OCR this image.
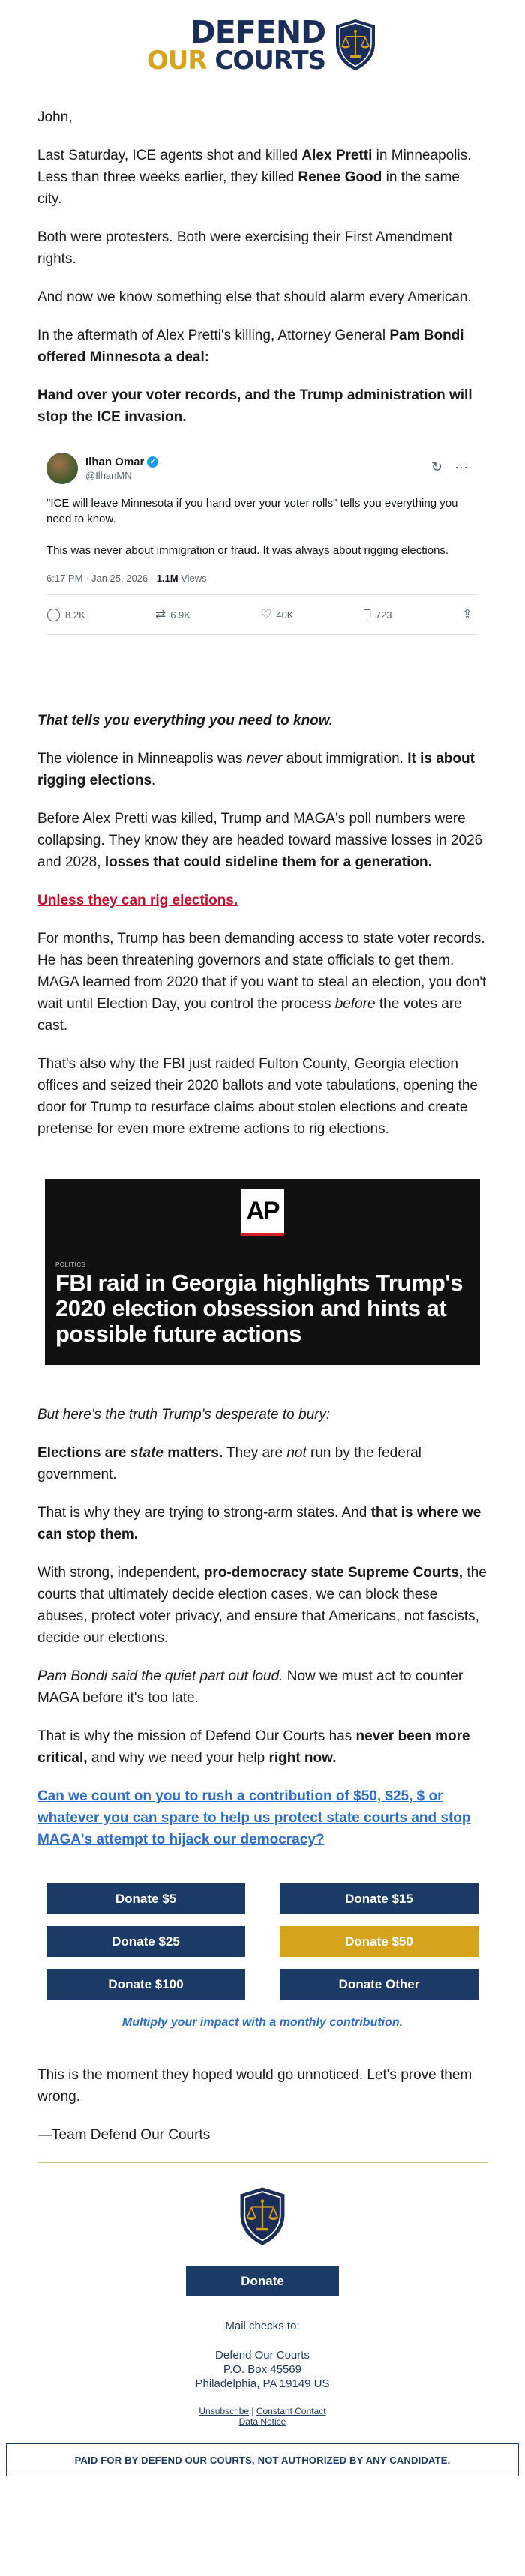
DEFEND
OUR COURTS

John,

Last Saturday, ICE agents shot and killed Alex Pretti in Minneapolis. Less than three weeks earlier, they killed Renee Good in the same city.

Both were protesters. Both were exercising their First Amendment rights.

And now we know something else that should alarm every American.

In the aftermath of Alex Pretti's killing, Attorney General Pam Bondi offered Minnesota a deal:

Hand over your voter records, and the Trump administration will stop the ICE invasion.

Ilhan Omar ✓
@IlhanMN
↻ ···

"ICE will leave Minnesota if you hand over your voter rolls" tells you everything you need to know.

This was never about immigration or fraud. It was always about rigging elections.

6:17 PM · Jan 25, 2026 · 1.1M Views
◯ 8.2K	⇄ 6.9K	♡ 40K	⎕ 723	⇪

That tells you everything you need to know.

The violence in Minneapolis was never about immigration. It is about rigging elections.

Before Alex Pretti was killed, Trump and MAGA's poll numbers were collapsing. They know they are headed toward massive losses in 2026 and 2028, losses that could sideline them for a generation.

Unless they can rig elections.

For months, Trump has been demanding access to state voter records. He has been threatening governors and state officials to get them. MAGA learned from 2020 that if you want to steal an election, you don't wait until Election Day, you control the process before the votes are cast.

That's also why the FBI just raided Fulton County, Georgia election offices and seized their 2020 ballots and vote tabulations, opening the door for Trump to resurface claims about stolen elections and create pretense for even more extreme actions to rig elections.

AP
POLITICS
FBI raid in Georgia highlights Trump's 2020 election obsession and hints at possible future actions

But here's the truth Trump's desperate to bury:

Elections are state matters. They are not run by the federal government.

That is why they are trying to strong-arm states. And that is where we can stop them.

With strong, independent, pro-democracy state Supreme Courts, the courts that ultimately decide election cases, we can block these abuses, protect voter privacy, and ensure that Americans, not fascists, decide our elections.

Pam Bondi said the quiet part out loud. Now we must act to counter MAGA before it's too late.

That is why the mission of Defend Our Courts has never been more critical, and why we need your help right now.

Can we count on you to rush a contribution of $50, $25, $ or whatever you can spare to help us protect state courts and stop MAGA's attempt to hijack our democracy?

Donate $5	Donate $15
Donate $25	Donate $50
Donate $100	Donate Other
Multiply your impact with a monthly contribution.

This is the moment they hoped would go unnoticed. Let's prove them wrong.

—Team Defend Our Courts

Donate
Mail checks to:
Defend Our Courts
P.O. Box 45569
Philadelphia, PA 19149 US
Unsubscribe | Constant Contact
Data Notice
PAID FOR BY DEFEND OUR COURTS, NOT AUTHORIZED BY ANY CANDIDATE.
